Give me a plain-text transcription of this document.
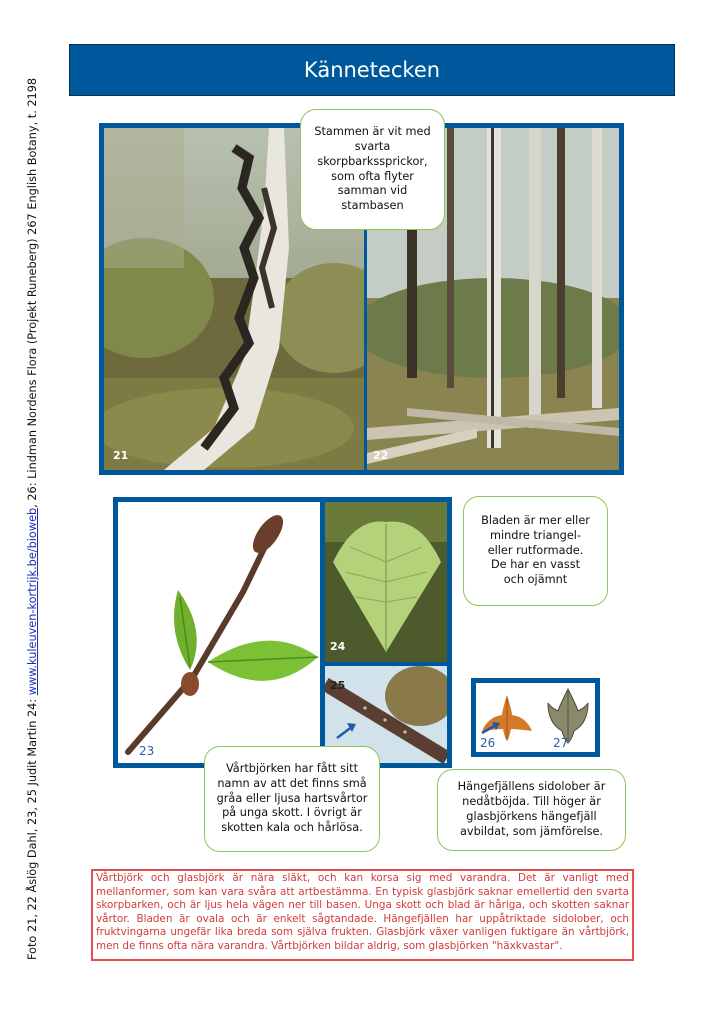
Kännetecken
Foto 21, 22 Åslög Dahl, 23, 25 Judit Martin 24: www.kuleuven-kortrijk.be/bioweb, 26: Lindman Nordens Flora (Projekt Runeberg) 267 English Botany, t. 2198	21	22
Stammen är vit med svarta skorpbarkssprickor, som ofta flyter samman vid stambasen
23
24
25
Bladen är mer eller mindre triangel- eller rutformade. De har en vasst och ojämnt
Vårtbjörken har fått sitt namn av att det finns små gråa eller ljusa hartsvårtor på unga skott. I övrigt är skotten kala och hårlösa.
26	27
Hängefjällens sidolober är nedåtböjda. Till höger är glasbjörkens hängefjäll avbildat, som jämförelse.
Vårtbjörk och glasbjörk är nära släkt, och kan korsa sig med varandra. Det är vanligt med mellanformer, som kan vara svåra att artbestämma. En typisk glasbjörk saknar emellertid den svarta skorpbarken, och är ljus hela vägen ner till basen. Unga skott och blad är håriga, och skotten saknar vårtor. Bladen är ovala och är enkelt sågtandade. Hängefjällen har uppåtriktade sidolober, och fruktvingarna ungefär lika breda som själva frukten. Glasbjörk växer vanligen fuktigare än vårtbjörk, men de finns ofta nära varandra. Vårtbjörken bildar aldrig, som glasbjörken "häxkvastar".
